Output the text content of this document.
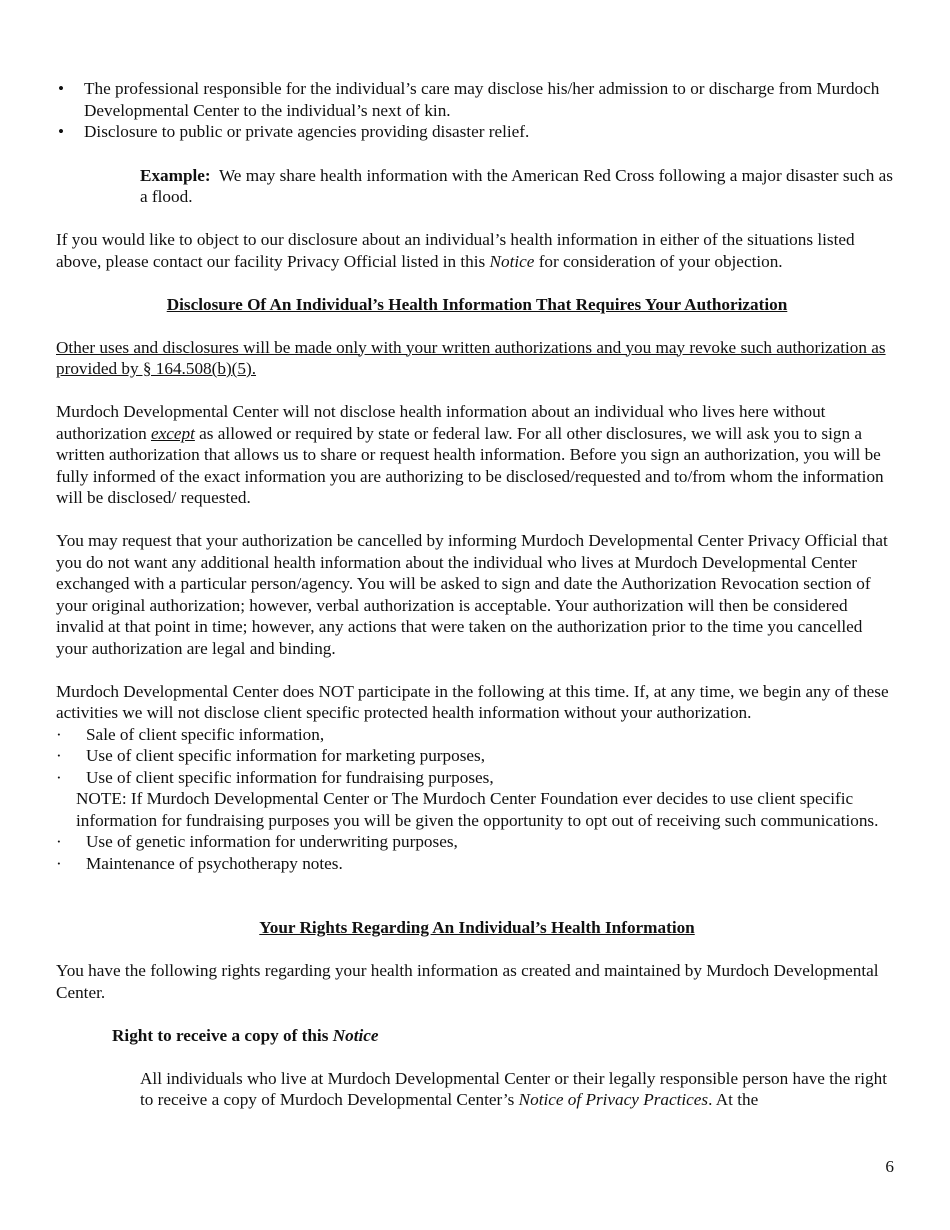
• The professional responsible for the individual’s care may disclose his/her admission to or discharge from Murdoch Developmental Center to the individual’s next of kin.
• Disclosure to public or private agencies providing disaster relief.

Example:  We may share health information with the American Red Cross following a major disaster such as a flood.

If you would like to object to our disclosure about an individual’s health information in either of the situations listed above, please contact our facility Privacy Official listed in this Notice for consideration of your objection.

Disclosure Of An Individual’s Health Information That Requires Your Authorization

Other uses and disclosures will be made only with your written authorizations and you may revoke such authorization as provided by § 164.508(b)(5).

Murdoch Developmental Center will not disclose health information about an individual who lives here without authorization except as allowed or required by state or federal law. For all other disclosures, we will ask you to sign a written authorization that allows us to share or request health information. Before you sign an authorization, you will be fully informed of the exact information you are authorizing to be disclosed/requested and to/from whom the information will be disclosed/ requested.

You may request that your authorization be cancelled by informing Murdoch Developmental Center Privacy Official that you do not want any additional health information about the individual who lives at Murdoch Developmental Center exchanged with a particular person/agency. You will be asked to sign and date the Authorization Revocation section of your original authorization; however, verbal authorization is acceptable. Your authorization will then be considered invalid at that point in time; however, any actions that were taken on the authorization prior to the time you cancelled your authorization are legal and binding.

Murdoch Developmental Center does NOT participate in the following at this time. If, at any time, we begin any of these activities we will not disclose client specific protected health information without your authorization.

· Sale of client specific information,
· Use of client specific information for marketing purposes,
· Use of client specific information for fundraising purposes,

NOTE: If Murdoch Developmental Center or The Murdoch Center Foundation ever decides to use client specific information for fundraising purposes you will be given the opportunity to opt out of receiving such communications.

· Use of genetic information for underwriting purposes,
· Maintenance of psychotherapy notes.

Your Rights Regarding An Individual’s Health Information

You have the following rights regarding your health information as created and maintained by Murdoch Developmental Center.

Right to receive a copy of this Notice

All individuals who live at Murdoch Developmental Center or their legally responsible person have the right to receive a copy of Murdoch Developmental Center’s Notice of Privacy Practices. At the

6
